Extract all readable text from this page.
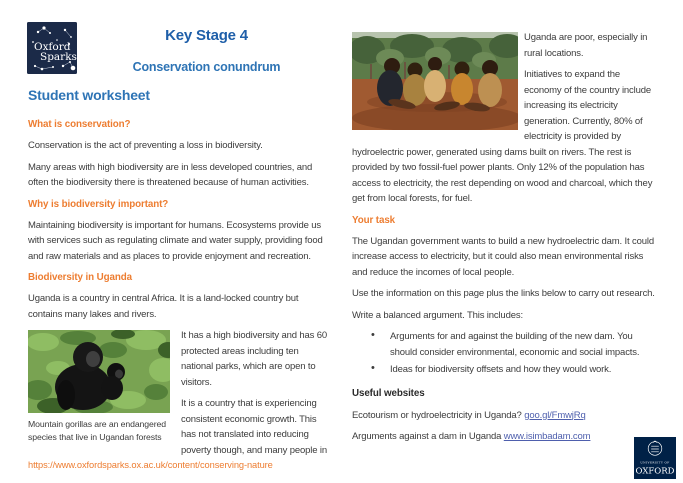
Oxford
Sparks
Key Stage 4
Conservation conundrum
Student worksheet
What is conservation?

Conservation is the act of preventing a loss in biodiversity.

Many areas with high biodiversity are in less developed countries, and often the biodiversity there is threatened because of human activities.

Why is biodiversity important?

Maintaining biodiversity is important for humans. Ecosystems provide us with services such as regulating climate and water supply, providing food and raw materials and as places to provide enjoyment and recreation.

Biodiversity in Uganda

Uganda is a country in central Africa. It is a land-locked country but contains many lakes and rivers.

Mountain gorillas are an endangered species that live in Ugandan forests

It has a high biodiversity and has 60 protected areas including ten national parks, which are open to visitors.

It is a country that is experiencing consistent economic growth. This has not translated into reducing poverty though, and many people in

Uganda are poor, especially in rural locations.

Initiatives to expand the economy of the country include increasing its electricity generation. Currently, 80% of electricity is provided by hydroelectric power, generated using dams built on rivers. The rest is provided by two fossil-fuel power plants. Only 12% of the population has access to electricity, the rest depending on wood and charcoal, which they get from local forests, for fuel.

Your task

The Ugandan government wants to build a new hydroelectric dam. It could increase access to electricity, but it could also mean environmental risks and reduce the incomes of local people.

Use the information on this page plus the links below to carry out research.

Write a balanced argument. This includes:

• Arguments for and against the building of the new dam. You should consider environmental, economic and social impacts.
• Ideas for biodiversity offsets and how they would work.
Useful websites

Ecotourism or hydroelectricity in Uganda? goo.gl/FmwjRq

Arguments against a dam in Uganda www.isimbadam.com

https://www.oxfordsparks.ox.ac.uk/content/conserving-nature	UNIVERSITY OF
OXFORD
